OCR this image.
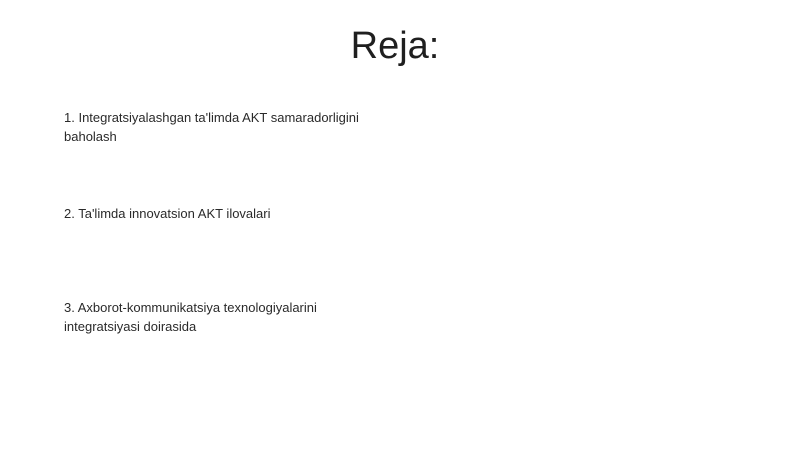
Reja:
1. Integratsiyalashgan ta'limda AKT samaradorligini baholash
2. Ta'limda innovatsion AKT ilovalari
3. Axborot-kommunikatsiya texnologiyalarini integratsiyasi doirasida
